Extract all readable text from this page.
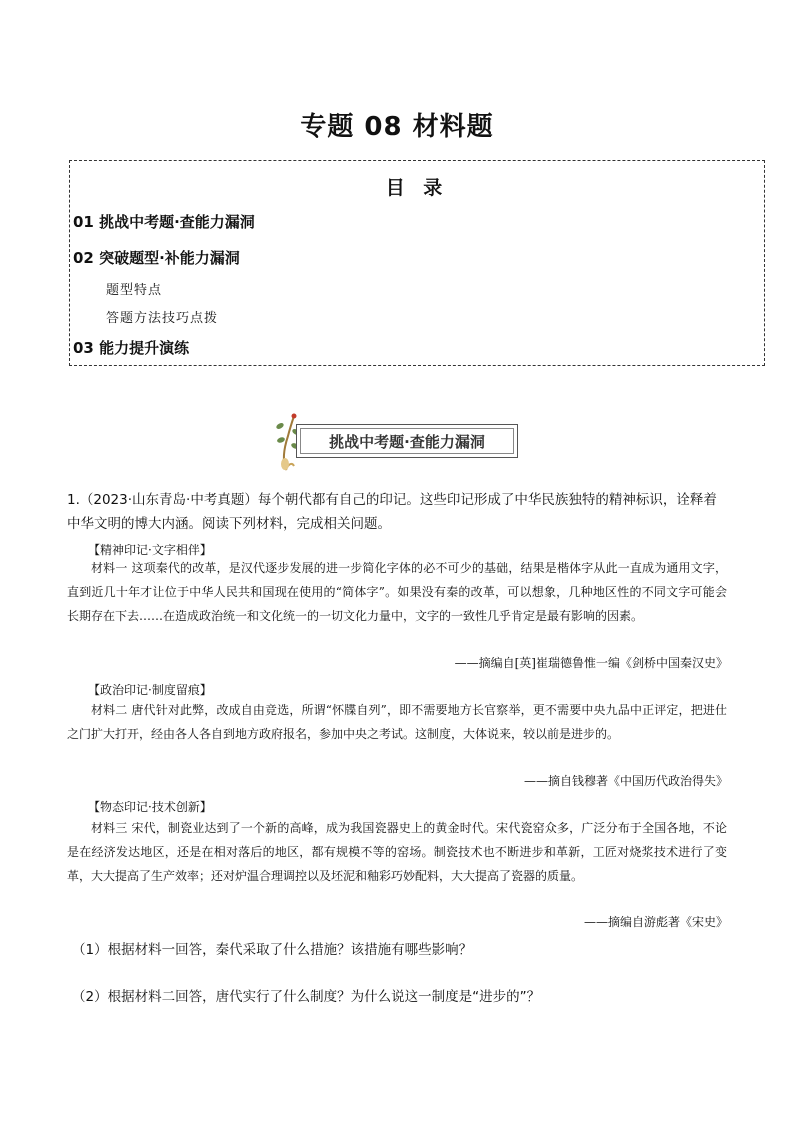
专题 08 材料题
目 录
01 挑战中考题·查能力漏洞
02 突破题型·补能力漏洞
题型特点
答题方法技巧点拨
03 能力提升演练
挑战中考题·查能力漏洞
1.（2023·山东青岛·中考真题）每个朝代都有自己的印记。这些印记形成了中华民族独特的精神标识，诠释着中华文明的博大内涵。阅读下列材料，完成相关问题。
【精神印记·文字相伴】
材料一 这项秦代的改革，是汉代逐步发展的进一步简化字体的必不可少的基础，结果是楷体字从此一直成为通用文字，直到近几十年才让位于中华人民共和国现在使用的“简体字”。如果没有秦的改革，可以想象，几种地区性的不同文字可能会长期存在下去……在造成政治统一和文化统一的一切文化力量中，文字的一致性几乎肯定是最有影响的因素。
——摘编自[英]崔瑞德鲁惟一编《剑桥中国秦汉史》
【政治印记·制度留痕】
材料二 唐代针对此弊，改成自由竞选，所谓“怀牒自列”，即不需要地方长官察举，更不需要中央九品中正评定，把进仕之门扩大打开，经由各人各自到地方政府报名，参加中央之考试。这制度，大体说来，较以前是进步的。
——摘自钱穆著《中国历代政治得失》
【物态印记·技术创新】
材料三 宋代，制瓷业达到了一个新的高峰，成为我国瓷器史上的黄金时代。宋代瓷窑众多，广泛分布于全国各地，不论是在经济发达地区，还是在相对落后的地区，都有规模不等的窑场。制瓷技术也不断进步和革新，工匠对烧浆技术进行了变革，大大提高了生产效率；还对炉温合理调控以及坯泥和釉彩巧妙配料，大大提高了瓷器的质量。
——摘编自游彪著《宋史》
（1）根据材料一回答，秦代采取了什么措施？该措施有哪些影响？
（2）根据材料二回答，唐代实行了什么制度？为什么说这一制度是“进步的”？
